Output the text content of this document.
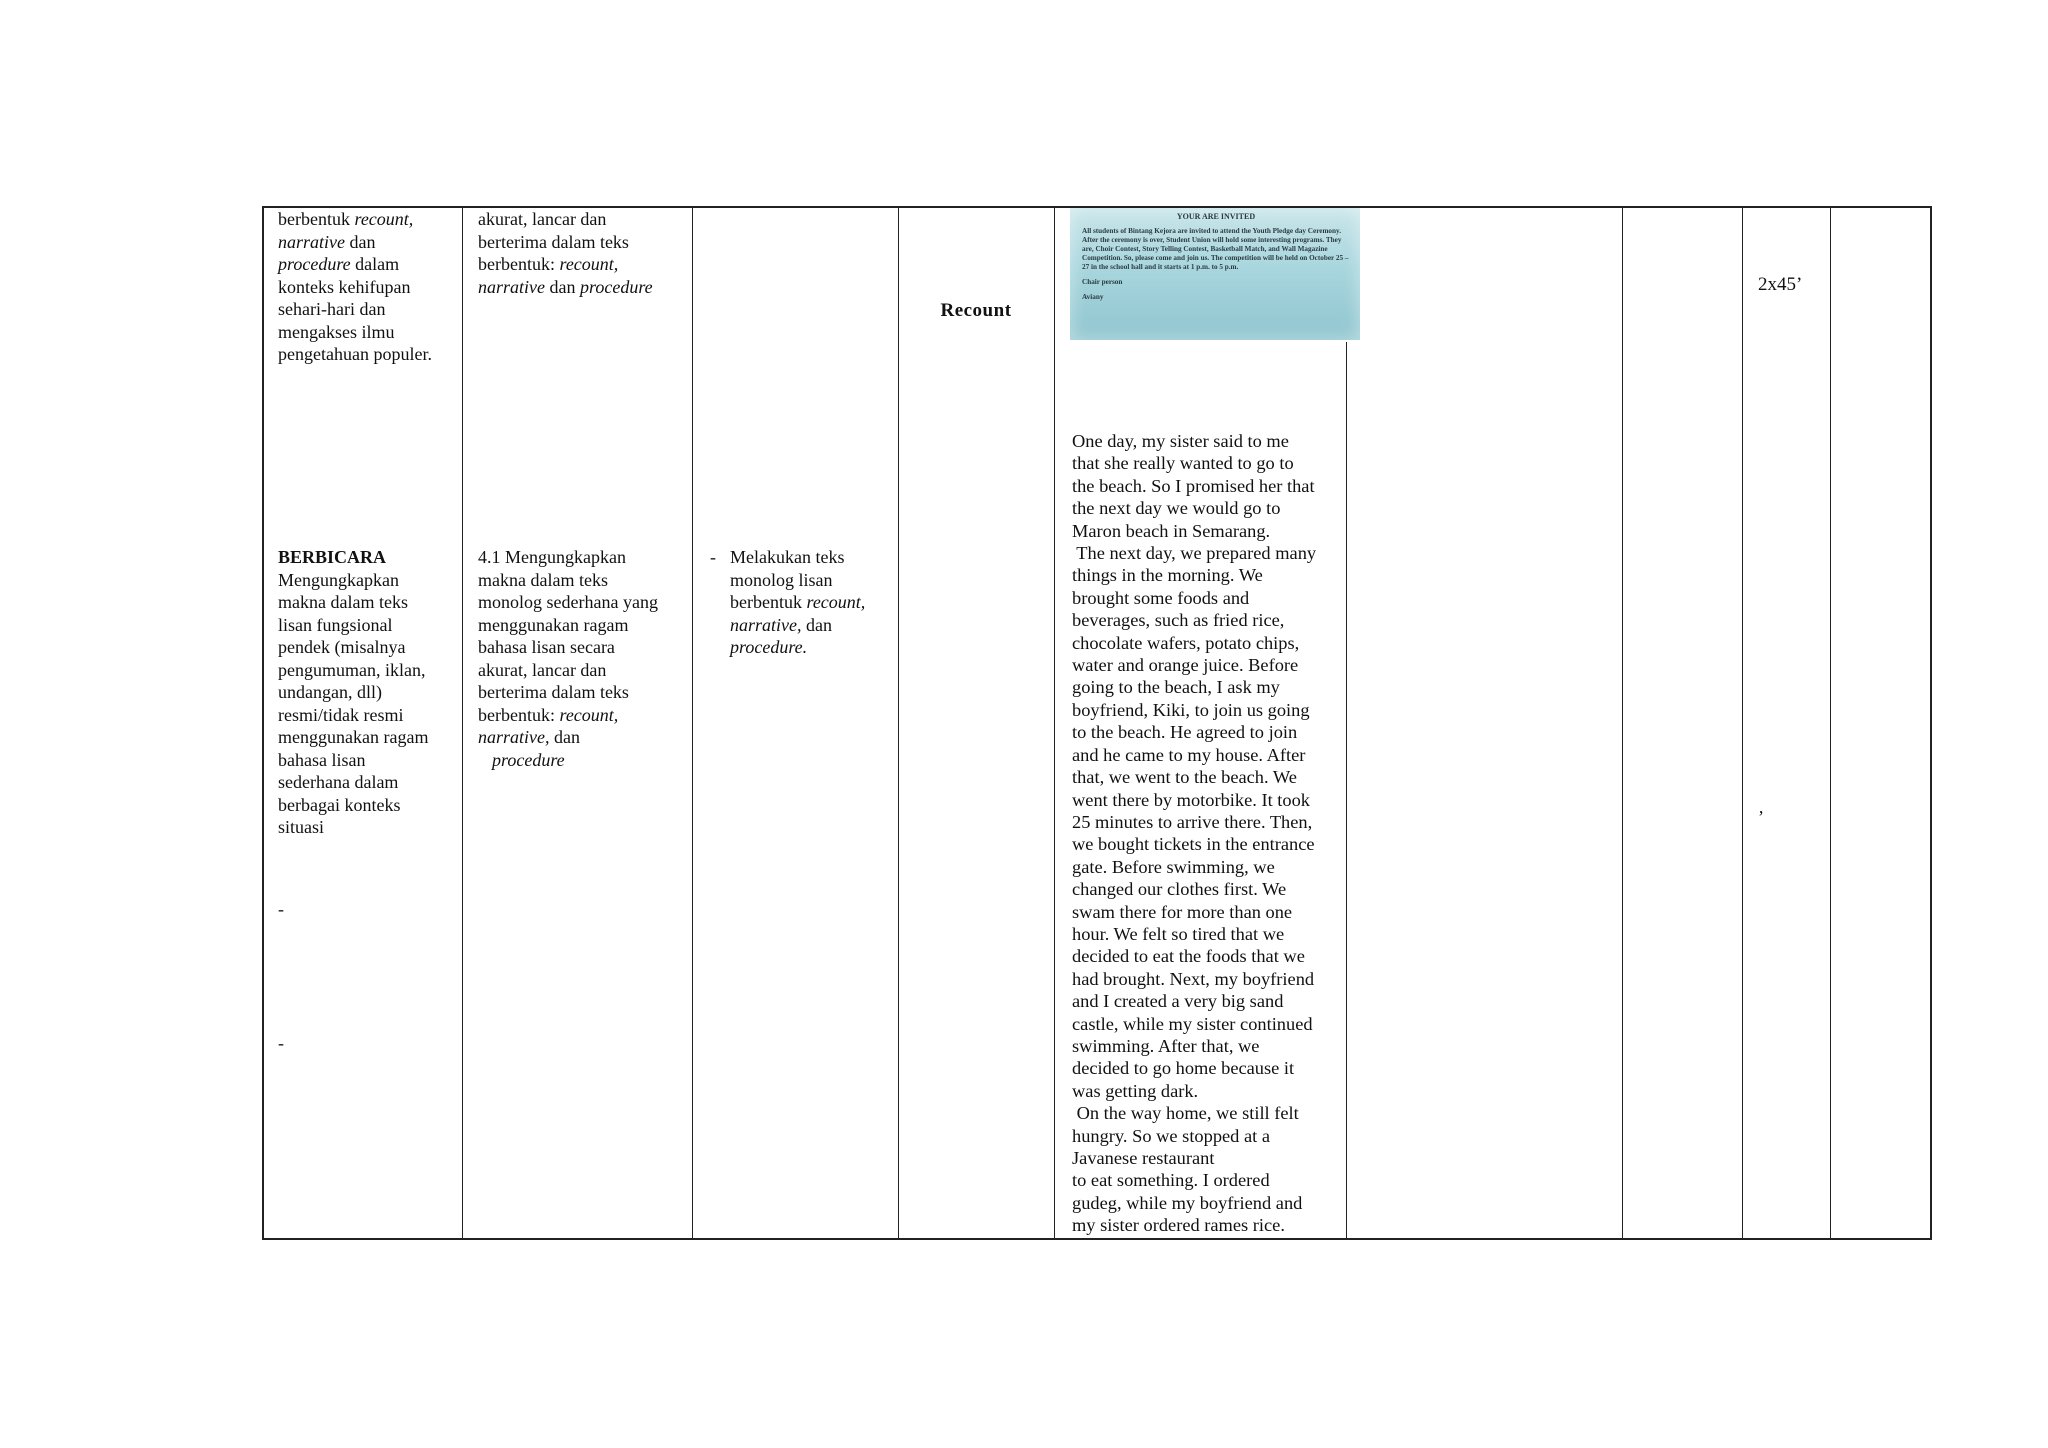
berbentuk recount,

narrative dan

procedure dalam

konteks kehifupan

sehari-hari dan

mengakses ilmu

pengetahuan populer.

BERBICARA

Mengungkapkan

makna dalam teks

lisan fungsional

pendek (misalnya

pengumuman, iklan,

undangan, dll)

resmi/tidak resmi

menggunakan ragam

bahasa lisan

sederhana dalam

berbagai konteks

situasi

-
-

akurat, lancar dan

berterima dalam teks

berbentuk: recount,

narrative dan procedure

4.1 Mengungkapkan

makna dalam teks

monolog sederhana yang

menggunakan ragam

bahasa lisan secara

akurat, lancar dan

berterima dalam teks

berbentuk: recount,

narrative, dan

procedure

- Melakukan teks

monolog lisan

berbentuk recount,

narrative, dan

procedure.

Recount
YOUR ARE INVITED
All students of Bintang Kejora are invited to attend the Youth Pledge day Ceremony. After the ceremony is over, Student Union will hold some interesting programs. They are, Choir Contest, Story Telling Contest, Basketball Match, and Wall Magazine Competition. So, please come and join us. The competition will be held on October 25 – 27 in the school hall and it starts at 1 p.m. to 5 p.m.
Chair person
Aviany

One day, my sister said to me

that she really wanted to go to

the beach. So I promised her that

the next day we would go to

Maron beach in Semarang.

The next day, we prepared many

things in the morning. We

brought some foods and

beverages, such as fried rice,

chocolate wafers, potato chips,

water and orange juice. Before

going to the beach, I ask my

boyfriend, Kiki, to join us going

to the beach. He agreed to join

and he came to my house. After

that, we went to the beach. We

went there by motorbike. It took

25 minutes to arrive there. Then,

we bought tickets in the entrance

gate. Before swimming, we

changed our clothes first. We

swam there for more than one

hour. We felt so tired that we

decided to eat the foods that we

had brought. Next, my boyfriend

and I created a very big sand

castle, while my sister continued

swimming. After that, we

decided to go home because it

was getting dark.

On the way home, we still felt

hungry. So we stopped at a

Javanese restaurant

to eat something. I ordered

gudeg, while my boyfriend and

my sister ordered rames rice.

2x45’
’
